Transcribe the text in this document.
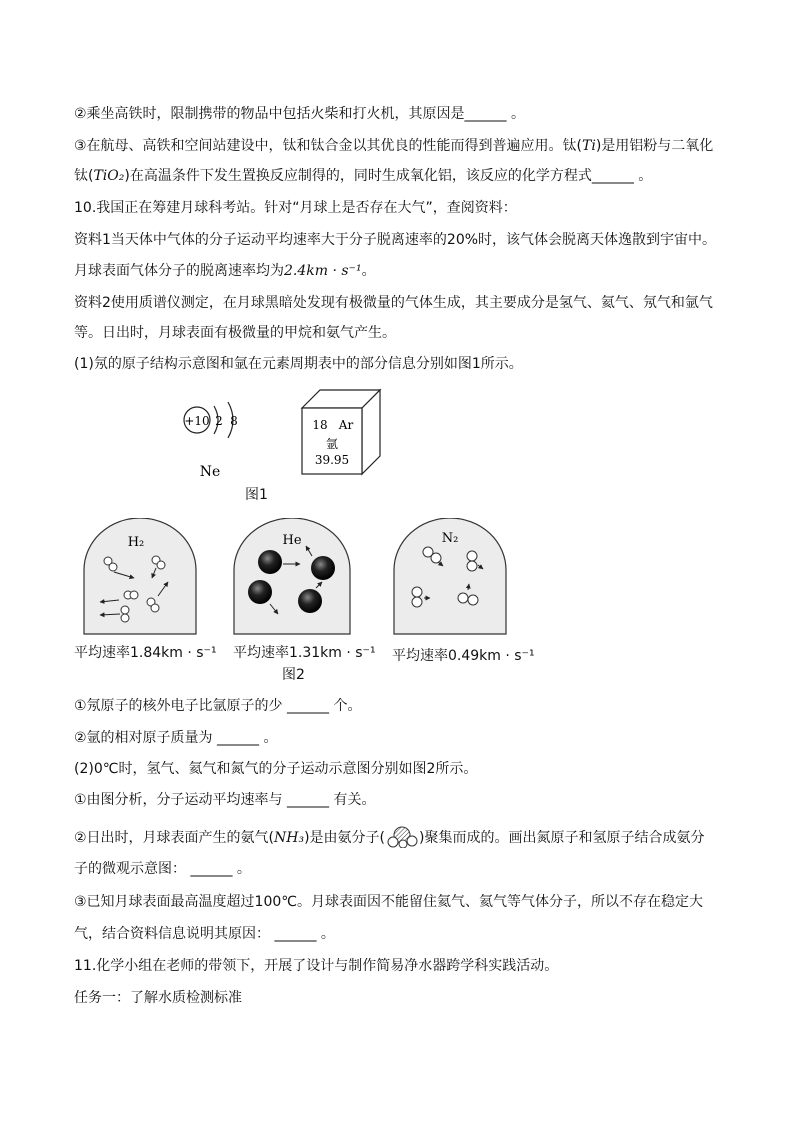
②乘坐高铁时，限制携带的物品中包括火柴和打火机，其原因是______ 。
③在航母、高铁和空间站建设中，钛和钛合金以其优良的性能而得到普遍应用。钛(Ti)是用铝粉与二氧化
钛(TiO₂)在高温条件下发生置换反应制得的，同时生成氧化铝，该反应的化学方程式______ 。
10.我国正在筹建月球科考站。针对“月球上是否存在大气”，查阅资料：
资料1当天体中气体的分子运动平均速率大于分子脱离速率的20%时，该气体会脱离天体逸散到宇宙中。
月球表面气体分子的脱离速率均为2.4km · s⁻¹。
资料2使用质谱仪测定，在月球黑暗处发现有极微量的气体生成，其主要成分是氢气、氦气、氖气和氩气
等。日出时，月球表面有极微量的甲烷和氨气产生。
(1)氖的原子结构示意图和氩在元素周期表中的部分信息分别如图1所示。
+10 2 8
Ne
18 Ar
氩
39.95
图1
H₂	He	N₂
平均速率1.84km · s⁻¹ 平均速率1.31km · s⁻¹ 平均速率0.49km · s⁻¹
图2
①氖原子的核外电子比氩原子的少 ______ 个。
②氩的相对原子质量为 ______ 。
(2)0℃时，氢气、氦气和氮气的分子运动示意图分别如图2所示。
①由图分析，分子运动平均速率与 ______ 有关。
②日出时，月球表面产生的氨气(NH₃)是由氨分子( )聚集而成的。画出氮原子和氢原子结合成氨分
子的微观示意图： ______ 。
③已知月球表面最高温度超过100℃。月球表面因不能留住氦气、氦气等气体分子，所以不存在稳定大
气，结合资料信息说明其原因： ______ 。
11.化学小组在老师的带领下，开展了设计与制作简易净水器跨学科实践活动。
任务一：了解水质检测标准
